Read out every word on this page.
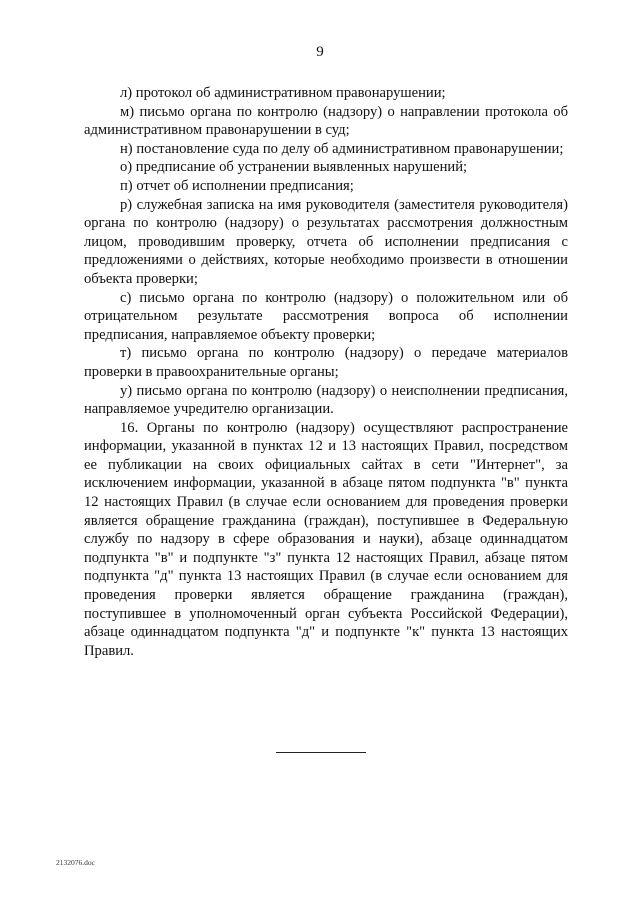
9

л) протокол об административном правонарушении;

м) письмо органа по контролю (надзору) о направлении протокола об административном правонарушении в суд;

н) постановление суда по делу об административном правонарушении;

о) предписание об устранении выявленных нарушений;

п) отчет об исполнении предписания;

р) служебная записка на имя руководителя (заместителя руководителя) органа по контролю (надзору) о результатах рассмотрения должностным лицом, проводившим проверку, отчета об исполнении предписания с предложениями о действиях, которые необходимо произвести в отношении объекта проверки;

с) письмо органа по контролю (надзору) о положительном или об отрицательном результате рассмотрения вопроса об исполнении предписания, направляемое объекту проверки;

т) письмо органа по контролю (надзору) о передаче материалов проверки в правоохранительные органы;

у) письмо органа по контролю (надзору) о неисполнении предписания, направляемое учредителю организации.

16. Органы по контролю (надзору) осуществляют распространение информации, указанной в пунктах 12 и 13 настоящих Правил, посредством ее публикации на своих официальных сайтах в сети "Интернет", за исключением информации, указанной в абзаце пятом подпункта "в" пункта 12 настоящих Правил (в случае если основанием для проведения проверки является обращение гражданина (граждан), поступившее в Федеральную службу по надзору в сфере образования и науки), абзаце одиннадцатом подпункта "в" и подпункте "з" пункта 12 настоящих Правил, абзаце пятом подпункта "д" пункта 13 настоящих Правил (в случае если основанием для проведения проверки является обращение гражданина (граждан), поступившее в уполномоченный орган субъекта Российской Федерации), абзаце одиннадцатом подпункта "д" и подпункте "к" пункта 13 настоящих Правил.

2132076.doc
